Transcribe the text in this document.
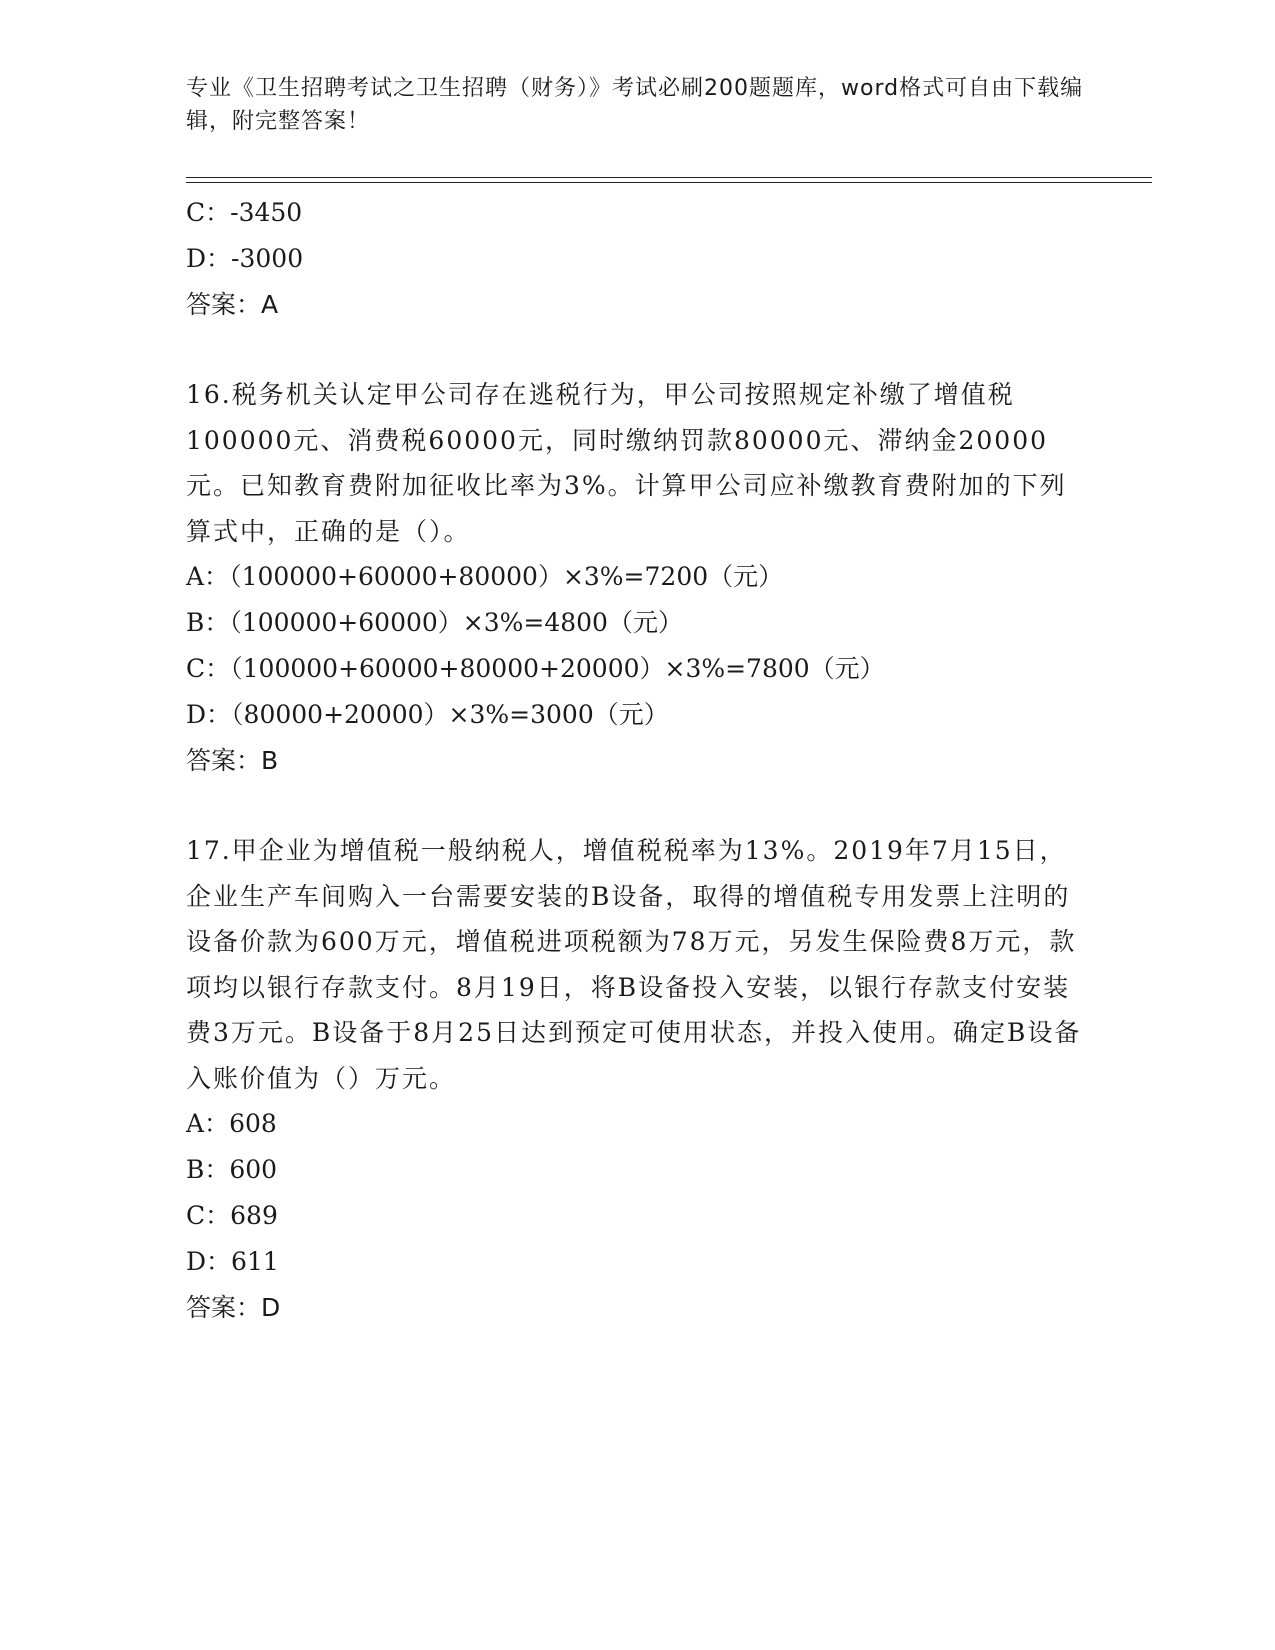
专业《卫生招聘考试之卫生招聘（财务）》考试必刷200题题库，word格式可自由下载编辑，附完整答案！
C：-3450
D：-3000
答案：A
16.税务机关认定甲公司存在逃税行为，甲公司按照规定补缴了增值税100000元、消费税60000元，同时缴纳罚款80000元、滞纳金20000元。已知教育费附加征收比率为3%。计算甲公司应补缴教育费附加的下列算式中，正确的是（）。
A：（100000+60000+80000）×3%=7200（元）
B：（100000+60000）×3%=4800（元）
C：（100000+60000+80000+20000）×3%=7800（元）
D：（80000+20000）×3%=3000（元）
答案：B
17.甲企业为增值税一般纳税人，增值税税率为13%。2019年7月15日，企业生产车间购入一台需要安装的B设备，取得的增值税专用发票上注明的设备价款为600万元，增值税进项税额为78万元，另发生保险费8万元，款项均以银行存款支付。8月19日，将B设备投入安装，以银行存款支付安装费3万元。B设备于8月25日达到预定可使用状态，并投入使用。确定B设备入账价值为（）万元。
A：608
B：600
C：689
D：611
答案：D
